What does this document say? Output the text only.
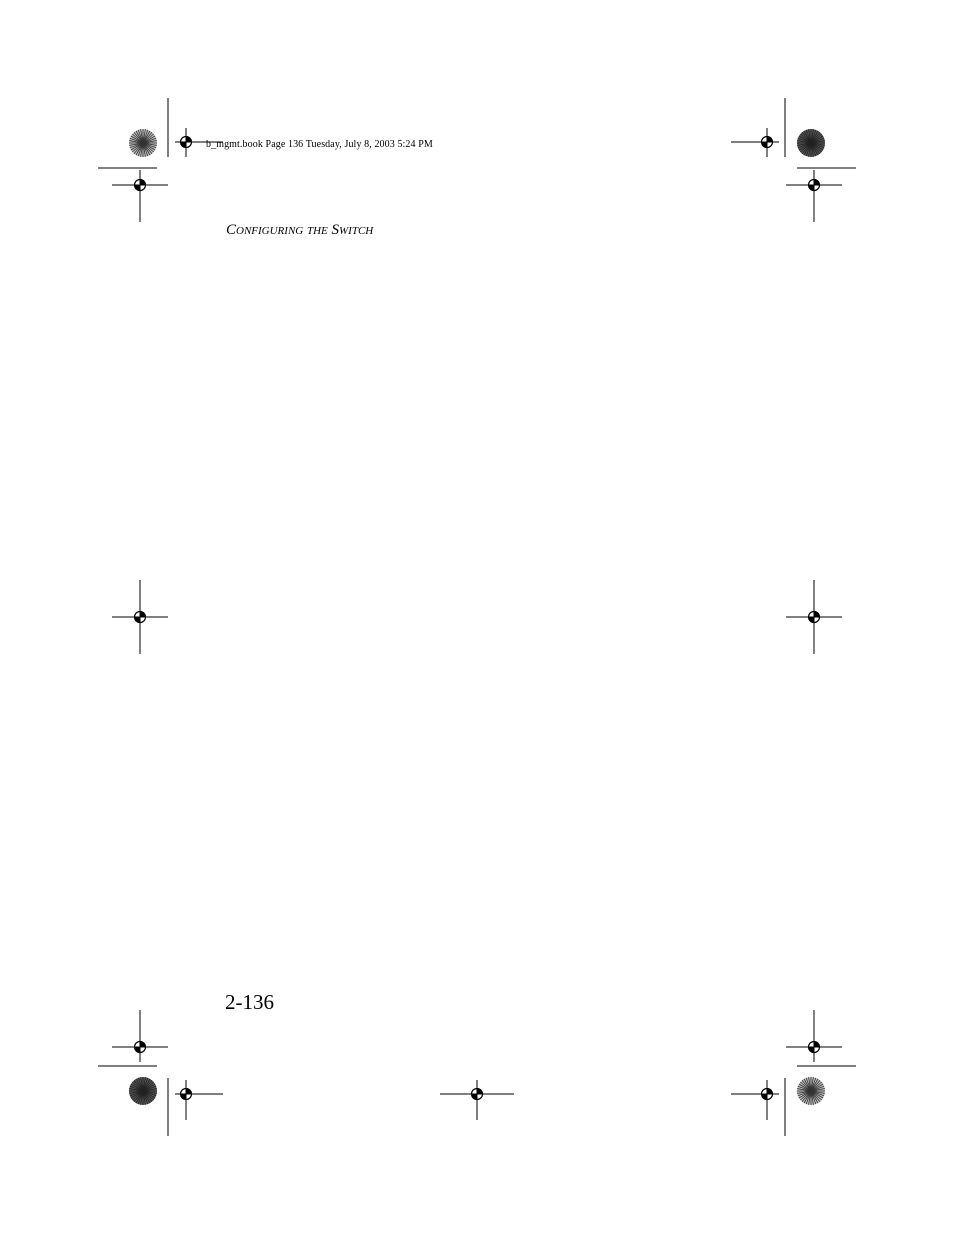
b_mgmt.book Page 136 Tuesday, July 8, 2003 5:24 PM
Configuring the Switch
2-136
